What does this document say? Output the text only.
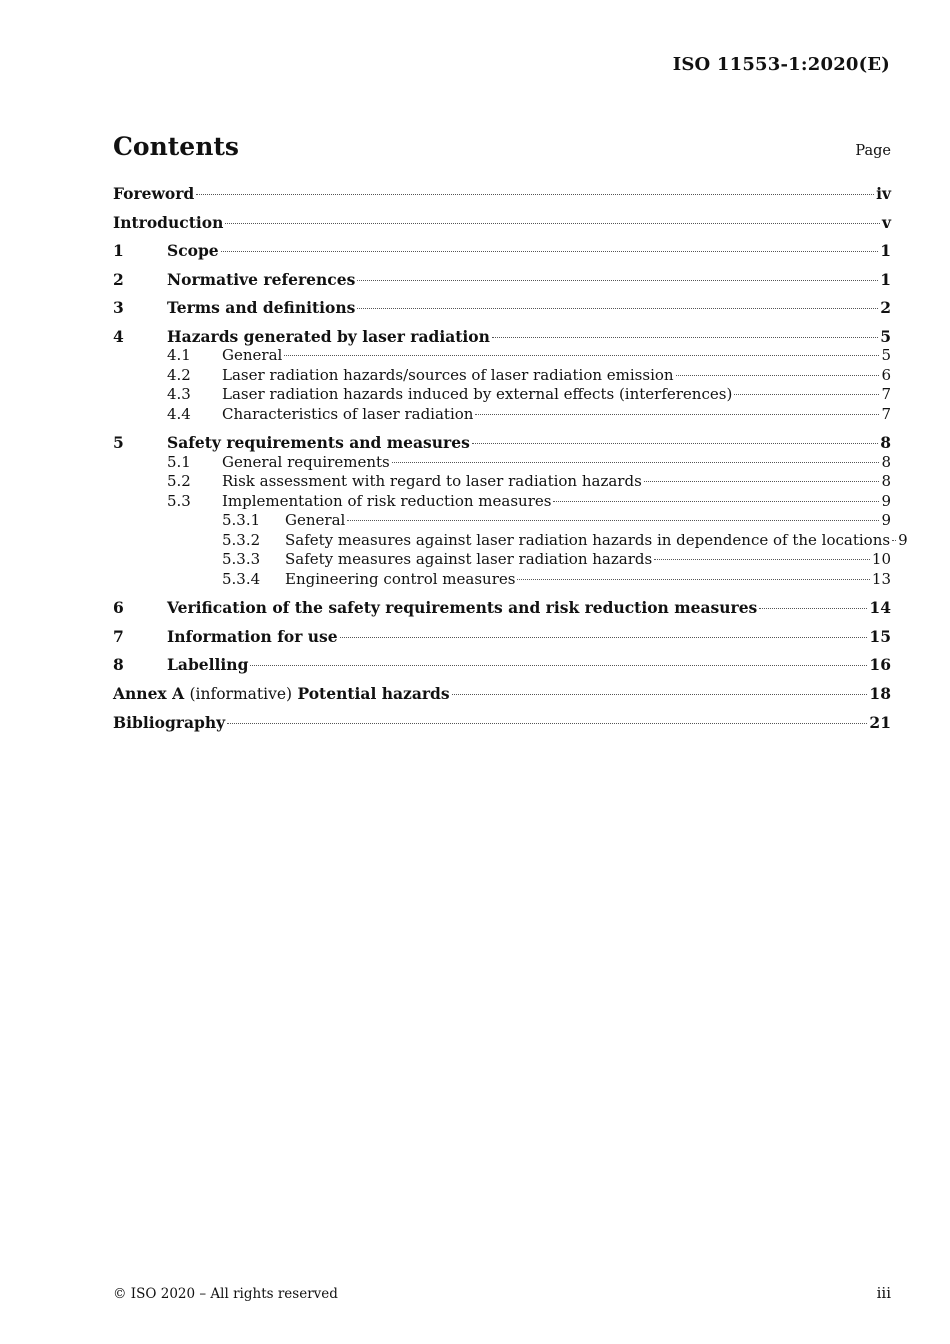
ISO 11553-1:2020(E)
Contents	Page
Foreword	iv
Introduction	v
1	Scope	1
2	Normative references	1
3	Terms and definitions	2
4	Hazards generated by laser radiation	5
4.1	General	5
4.2	Laser radiation hazards/sources of laser radiation emission	6
4.3	Laser radiation hazards induced by external effects (interferences)	7
4.4	Characteristics of laser radiation	7
5	Safety requirements and measures	8
5.1	General requirements	8
5.2	Risk assessment with regard to laser radiation hazards	8
5.3	Implementation of risk reduction measures	9
5.3.1	General	9
5.3.2	Safety measures against laser radiation hazards in dependence of the locations 9
5.3.3	Safety measures against laser radiation hazards	10
5.3.4	Engineering control measures	13
6	Verification of the safety requirements and risk reduction measures	14
7	Information for use	15
8	Labelling	16
Annex A (informative) Potential hazards	18
Bibliography	21
© ISO 2020 – All rights reserved	iii
